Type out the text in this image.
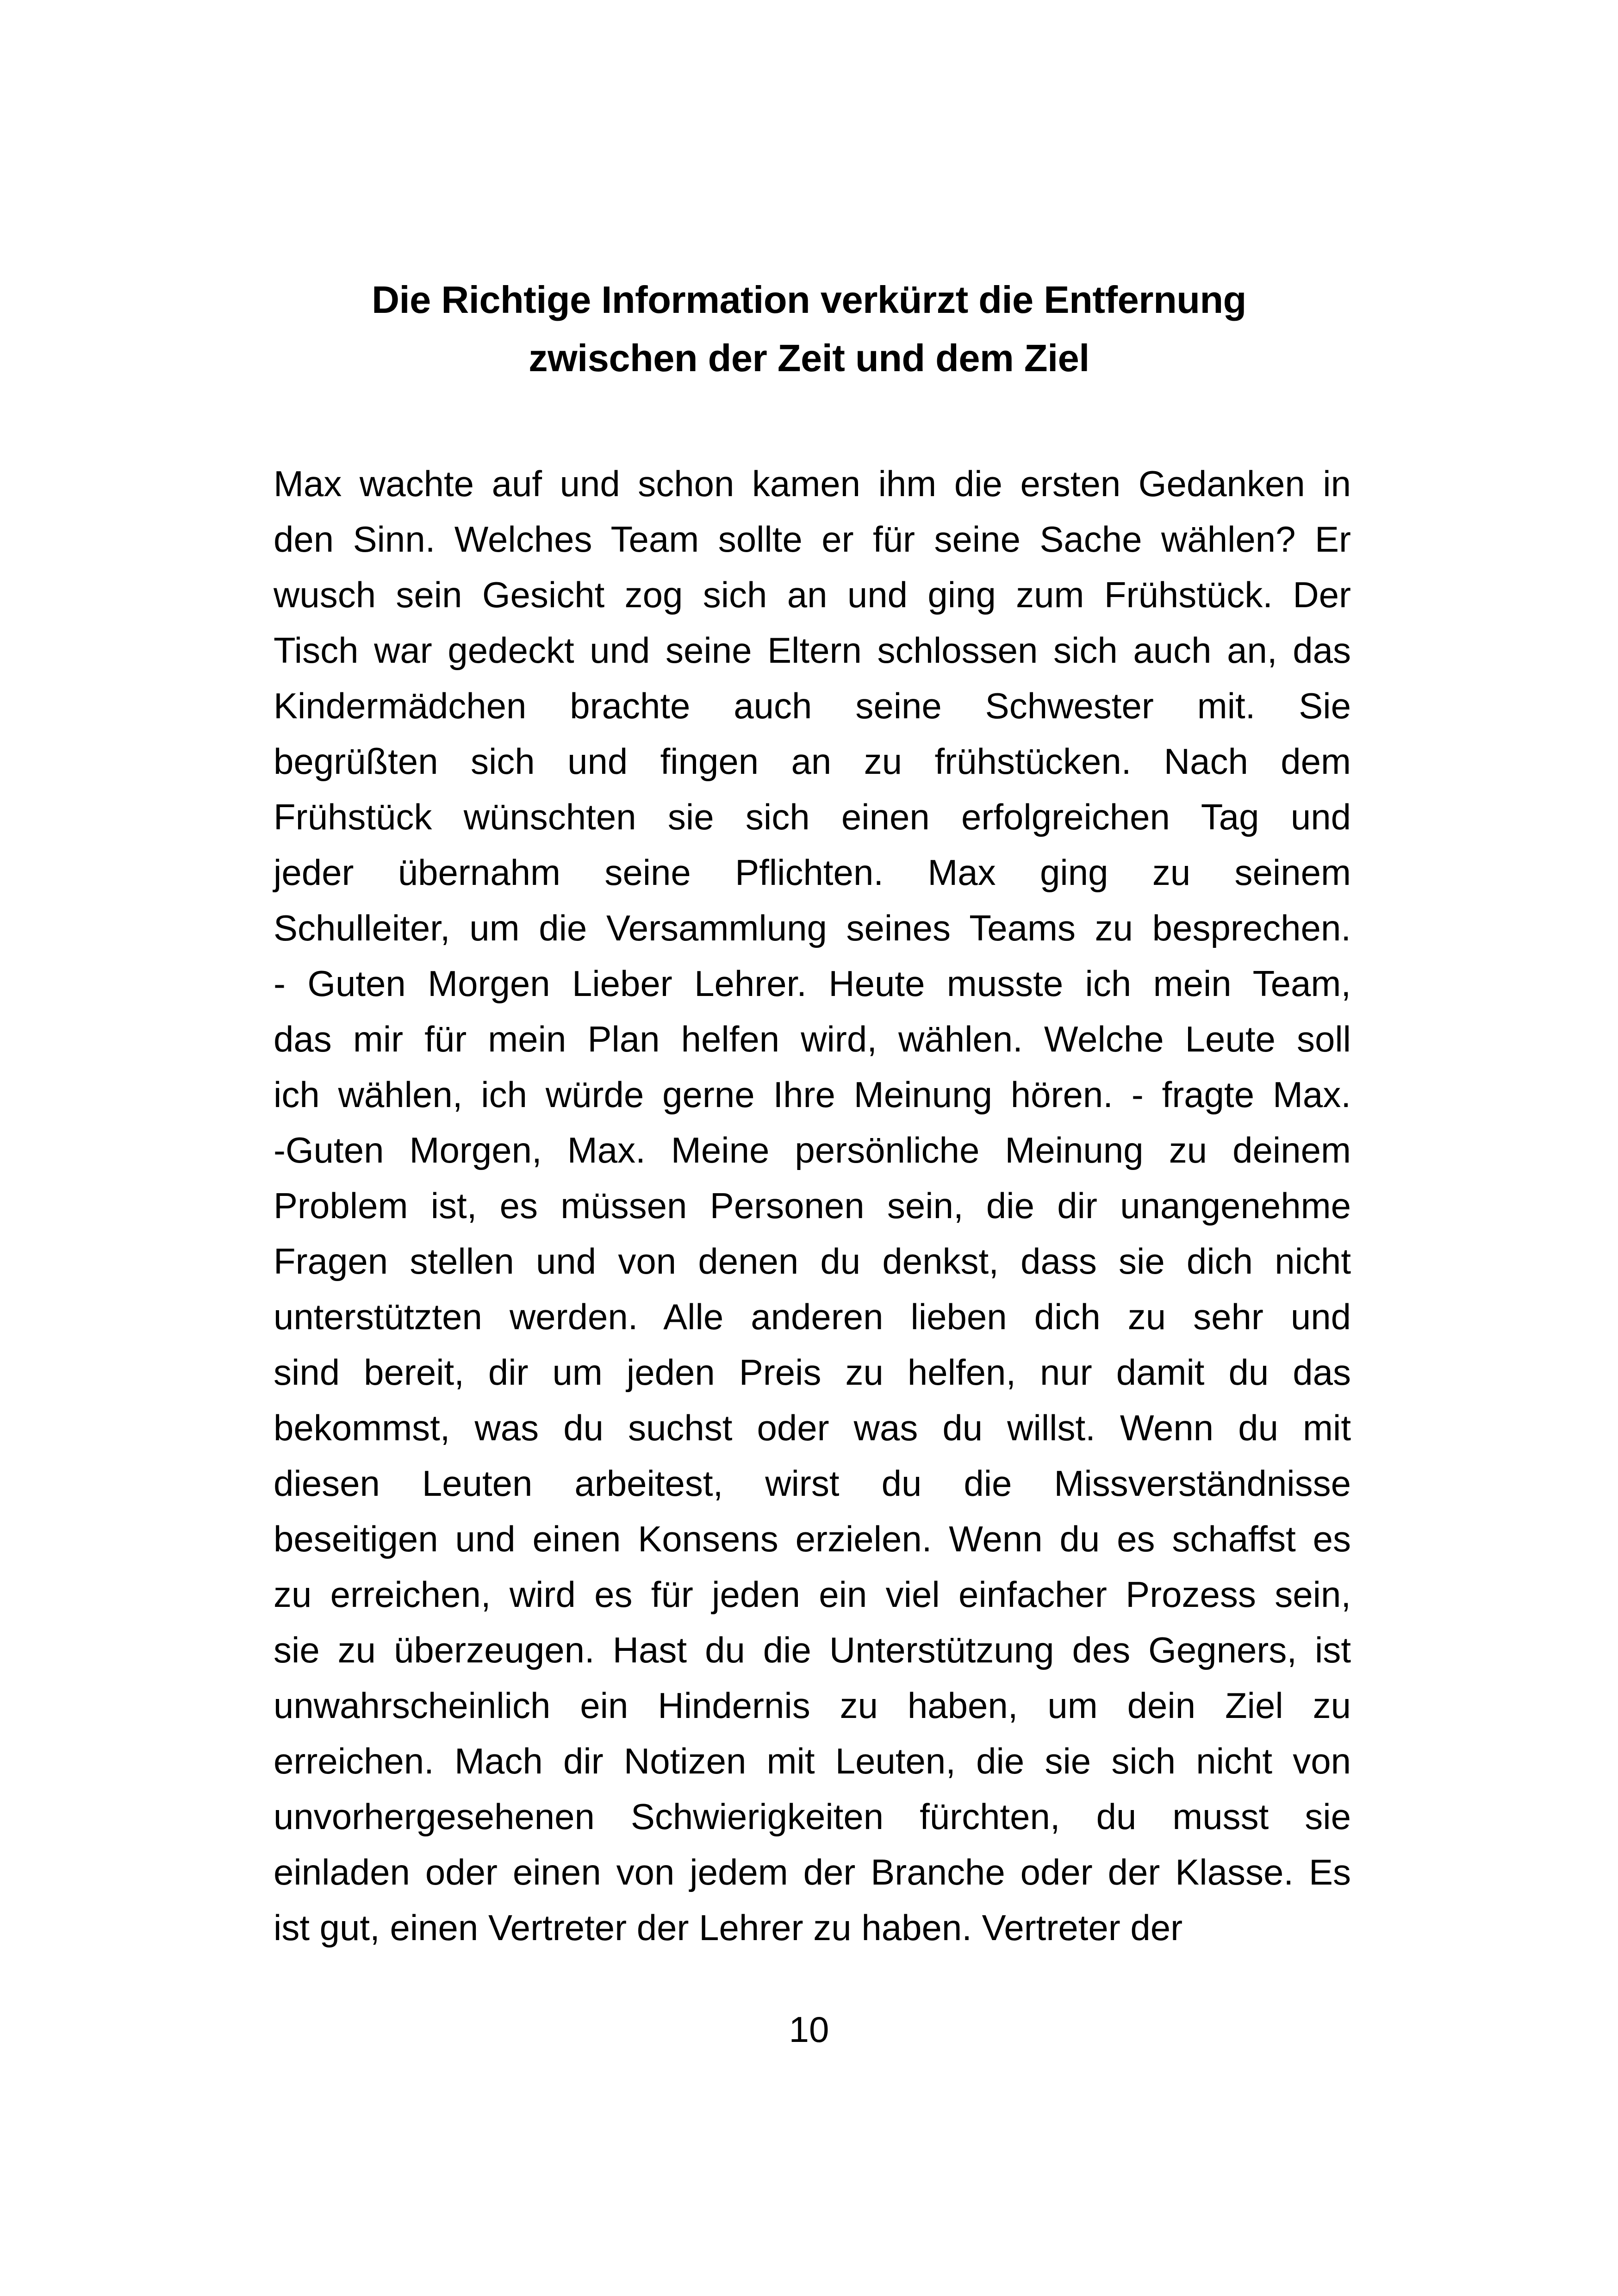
Die Richtige Information verkürzt die Entfernung
zwischen der Zeit und dem Ziel
Max wachte auf und schon kamen ihm die ersten Gedanken in
den Sinn. Welches Team sollte er für seine Sache wählen? Er
wusch sein Gesicht zog sich an und ging zum Frühstück. Der
Tisch war gedeckt und seine Eltern schlossen sich auch an, das
Kindermädchen brachte auch seine Schwester mit. Sie
begrüßten sich und fingen an zu frühstücken. Nach dem
Frühstück wünschten sie sich einen erfolgreichen Tag und
jeder übernahm seine Pflichten. Max ging zu seinem
Schulleiter, um die Versammlung seines Teams zu besprechen.
- Guten Morgen Lieber Lehrer. Heute musste ich mein Team,
das mir für mein Plan helfen wird, wählen. Welche Leute soll
ich wählen, ich würde gerne Ihre Meinung hören. - fragte Max.
-Guten Morgen, Max. Meine persönliche Meinung zu deinem
Problem ist, es müssen Personen sein, die dir unangenehme
Fragen stellen und von denen du denkst, dass sie dich nicht
unterstützten werden. Alle anderen lieben dich zu sehr und
sind bereit, dir um jeden Preis zu helfen, nur damit du das
bekommst, was du suchst oder was du willst. Wenn du mit
diesen Leuten arbeitest, wirst du die Missverständnisse
beseitigen und einen Konsens erzielen. Wenn du es schaffst es
zu erreichen, wird es für jeden ein viel einfacher Prozess sein,
sie zu überzeugen. Hast du die Unterstützung des Gegners, ist
unwahrscheinlich ein Hindernis zu haben, um dein Ziel zu
erreichen. Mach dir Notizen mit Leuten, die sie sich nicht von
unvorhergesehenen Schwierigkeiten fürchten, du musst sie
einladen oder einen von jedem der Branche oder der Klasse. Es
ist gut, einen Vertreter der Lehrer zu haben. Vertreter der
10
